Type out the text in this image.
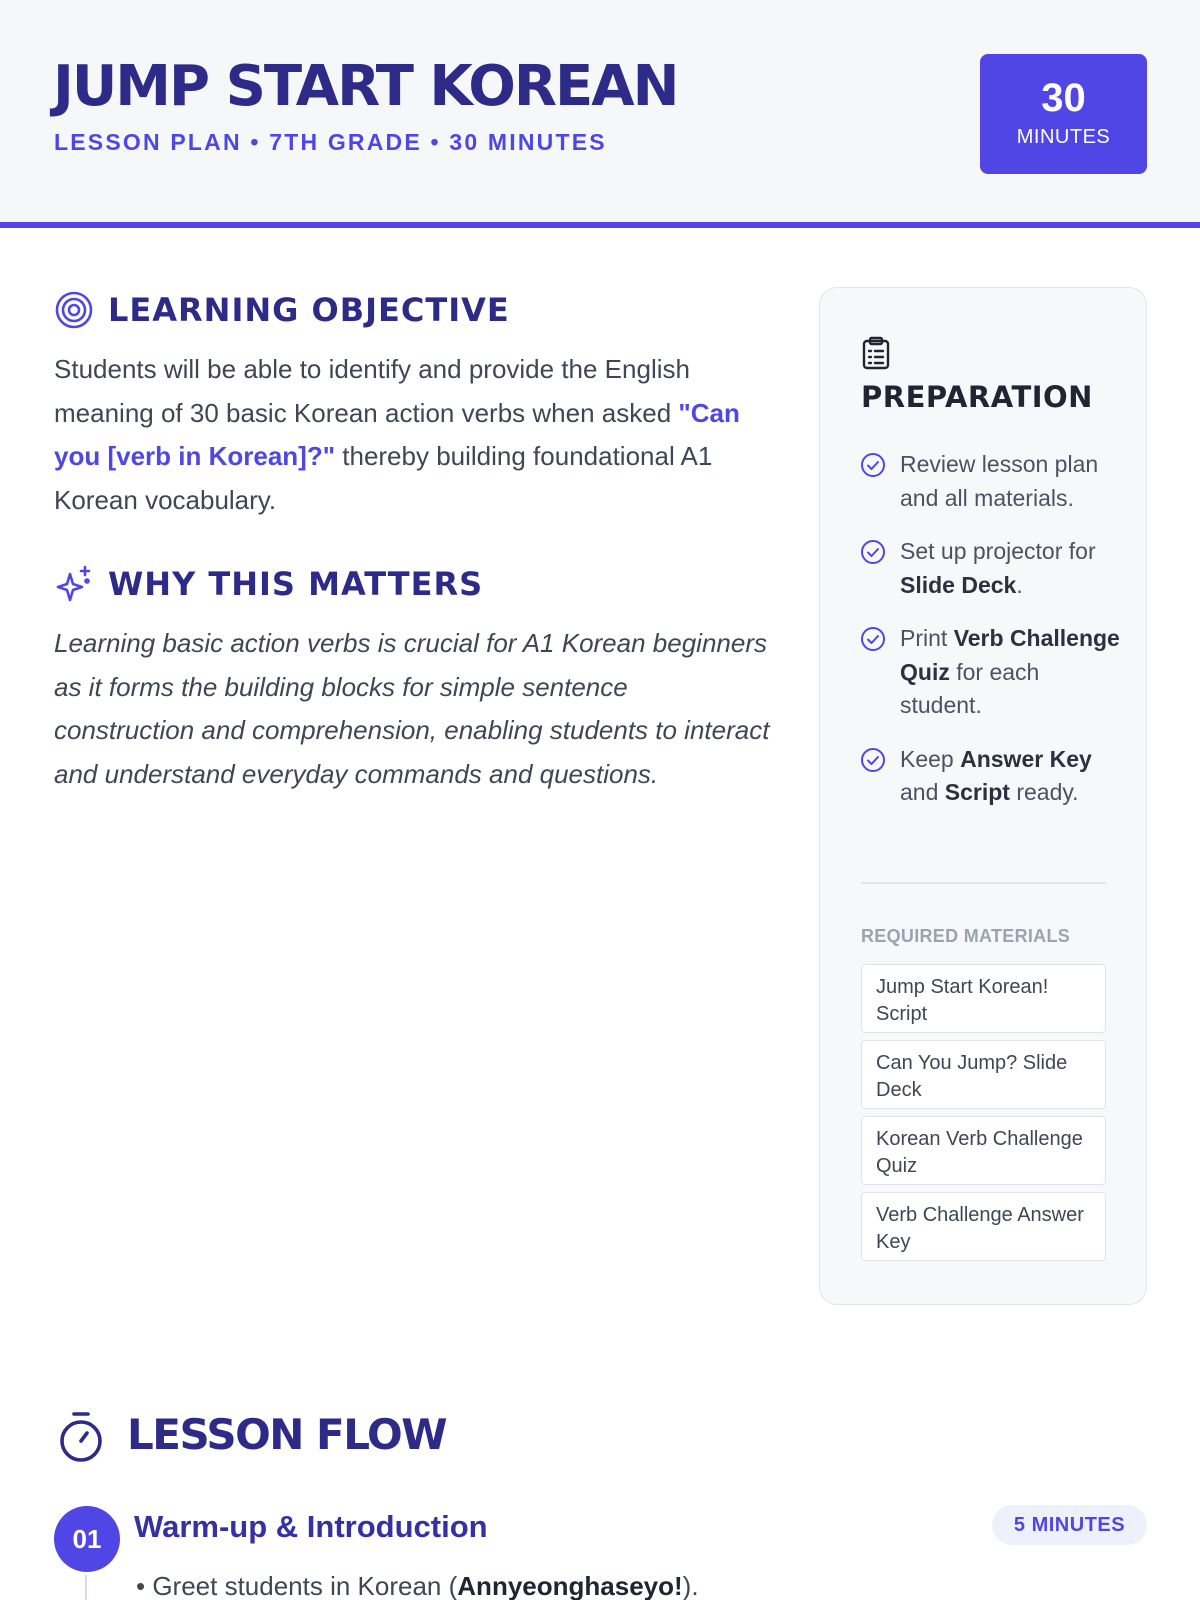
JUMP START KOREAN
LESSON PLAN • 7TH GRADE • 30 MINUTES
30
MINUTES
LEARNING OBJECTIVE

Students will be able to identify and provide the English meaning of 30 basic Korean action verbs when asked "Can you [verb in Korean]?" thereby building foundational A1 Korean vocabulary.

WHY THIS MATTERS

Learning basic action verbs is crucial for A1 Korean beginners as it forms the building blocks for simple sentence construction and comprehension, enabling students to interact and understand everyday commands and questions.

PREPARATION
Review lesson plan and all materials.
Set up projector for Slide Deck.
Print Verb Challenge Quiz for each student.
Keep Answer Key and Script ready.
REQUIRED MATERIALS
Jump Start Korean! Script
Can You Jump? Slide Deck
Korean Verb Challenge Quiz
Verb Challenge Answer Key
LESSON FLOW
01	Warm-up & Introduction	5 MINUTES
• Greet students in Korean (Annyeonghaseyo!).
